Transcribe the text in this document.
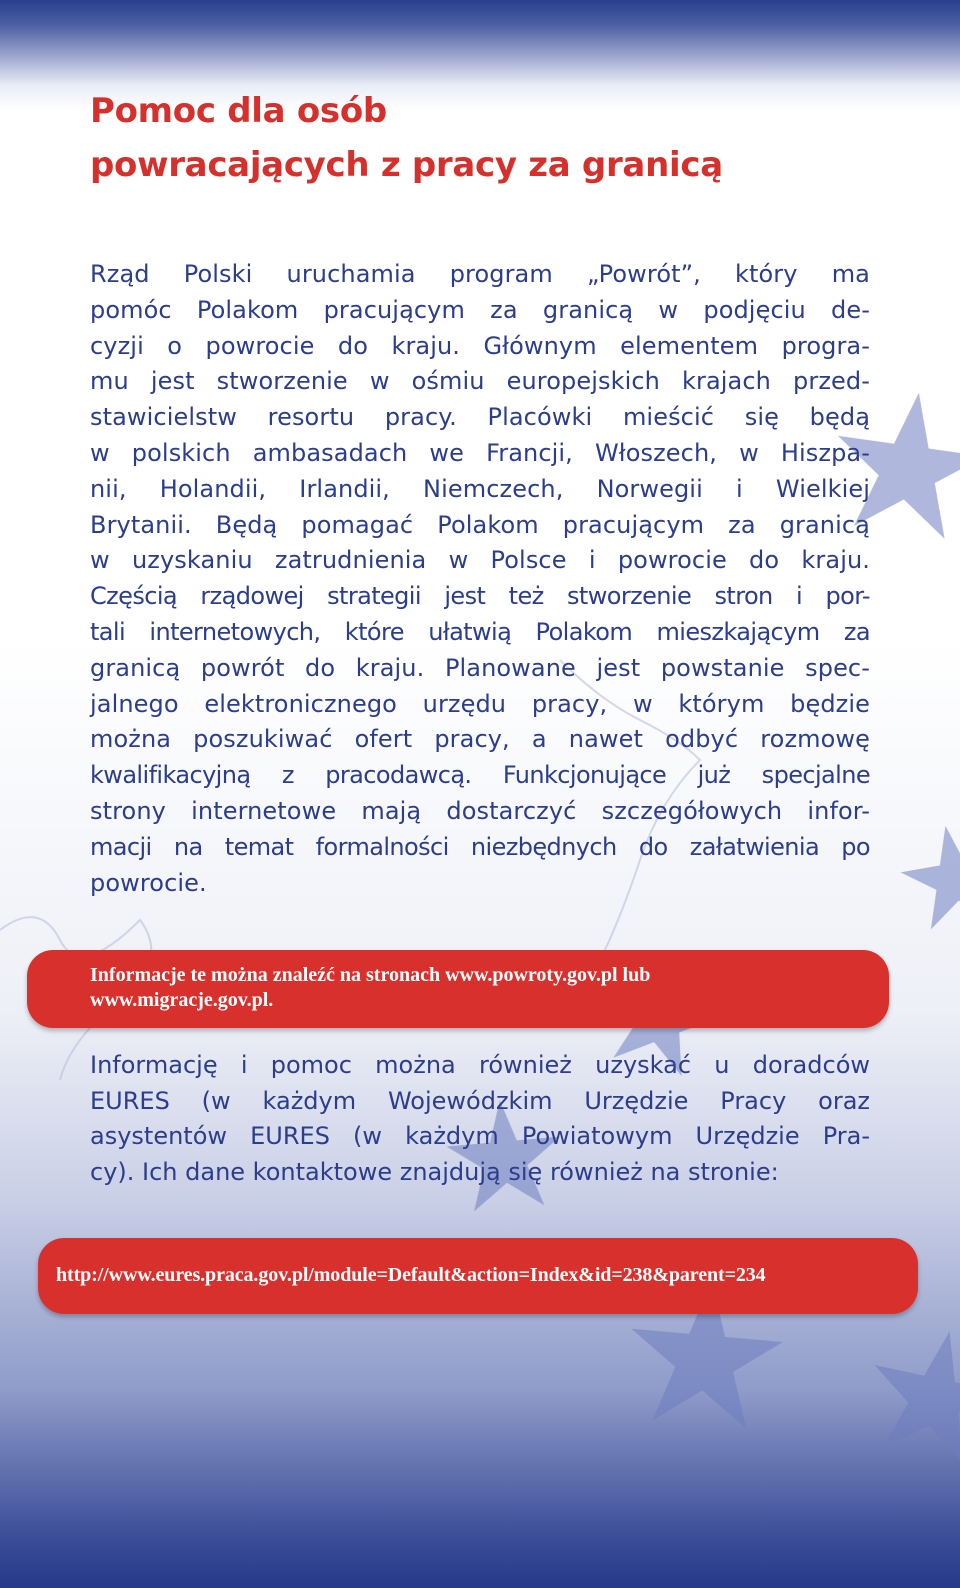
Pomoc dla osób
powracających z pracy za granicą
Rząd Polski uruchamia program „Powrót”, który ma
pomóc Polakom pracującym za granicą w podjęciu de-
cyzji o powrocie do kraju. Głównym elementem progra-
mu jest stworzenie w ośmiu europejskich krajach przed-
stawicielstw resortu pracy. Placówki mieścić się będą
w polskich ambasadach we Francji, Włoszech, w Hiszpa-
nii, Holandii, Irlandii, Niemczech, Norwegii i Wielkiej
Brytanii. Będą pomagać Polakom pracującym za granicą
w uzyskaniu zatrudnienia w Polsce i powrocie do kraju.
Częścią rządowej strategii jest też stworzenie stron i por-
tali internetowych, które ułatwią Polakom mieszkającym za
granicą powrót do kraju. Planowane jest powstanie spec-
jalnego elektronicznego urzędu pracy, w którym będzie
można poszukiwać ofert pracy, a nawet odbyć rozmowę
kwalifikacyjną z pracodawcą. Funkcjonujące już specjalne
strony internetowe mają dostarczyć szczegółowych infor-
macji na temat formalności niezbędnych do załatwienia po
powrocie.
Informacje te można znaleźć na stronach www.powroty.gov.pl lub
www.migracje.gov.pl.
Informację i pomoc można również uzyskać u doradców
EURES (w każdym Wojewódzkim Urzędzie Pracy oraz
asystentów EURES (w każdym Powiatowym Urzędzie Pra-
cy). Ich dane kontaktowe znajdują się również na stronie:
http://www.eures.praca.gov.pl/module=Default&action=Index&id=238&parent=234
